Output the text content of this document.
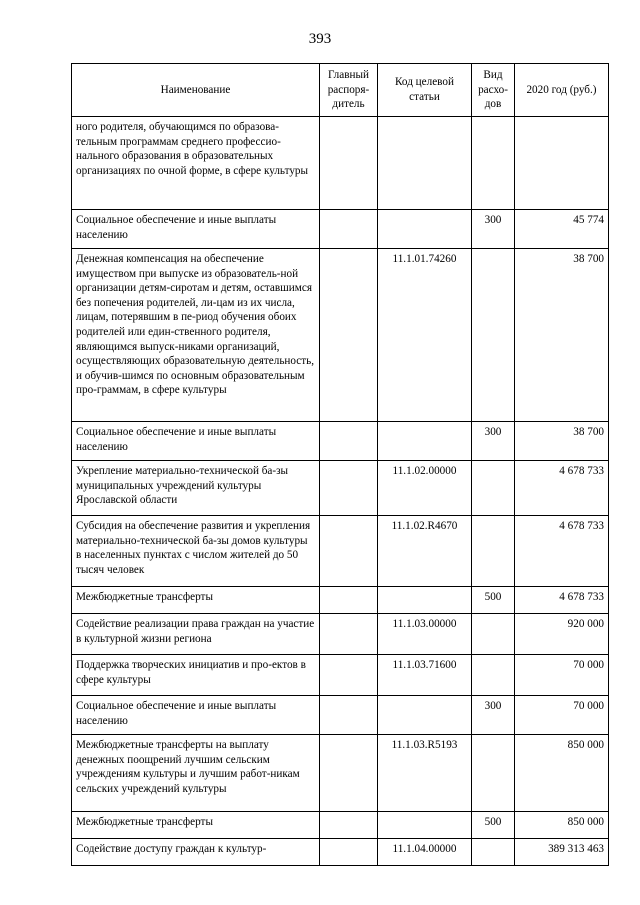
393
Наименование	Главный распоря-дитель	Код целевой статьи	Вид расхо-дов	2020 год (руб.)
ного родителя, обучающимся по образова-тельным программам среднего профессио-нального образования в образовательных организациях по очной форме, в сфере культуры				
Социальное обеспечение и иные выплаты населению			300	45 774
Денежная компенсация на обеспечение имуществом при выпуске из образователь-ной организации детям-сиротам и детям, оставшимся без попечения родителей, ли-цам из их числа, лицам, потерявшим в пе-риод обучения обоих родителей или един-ственного родителя, являющимся выпуск-никами организаций, осуществляющих образовательную деятельность, и обучив-шимся по основным образовательным про-граммам, в сфере культуры		11.1.01.74260		38 700
Социальное обеспечение и иные выплаты населению			300	38 700
Укрепление материально-технической ба-зы муниципальных учреждений культуры Ярославской области		11.1.02.00000		4 678 733
Субсидия на обеспечение развития и укрепления материально-технической ба-зы домов культуры в населенных пунктах с числом жителей до 50 тысяч человек		11.1.02.R4670		4 678 733
Межбюджетные трансферты			500	4 678 733
Содействие реализации права граждан на участие в культурной жизни региона		11.1.03.00000		920 000
Поддержка творческих инициатив и про-ектов в сфере культуры		11.1.03.71600		70 000
Социальное обеспечение и иные выплаты населению			300	70 000
Межбюджетные трансферты на выплату денежных поощрений лучшим сельским учреждениям культуры и лучшим работ-никам сельских учреждений культуры		11.1.03.R5193		850 000
Межбюджетные трансферты			500	850 000
Содействие доступу граждан к культур-		11.1.04.00000		389 313 463
